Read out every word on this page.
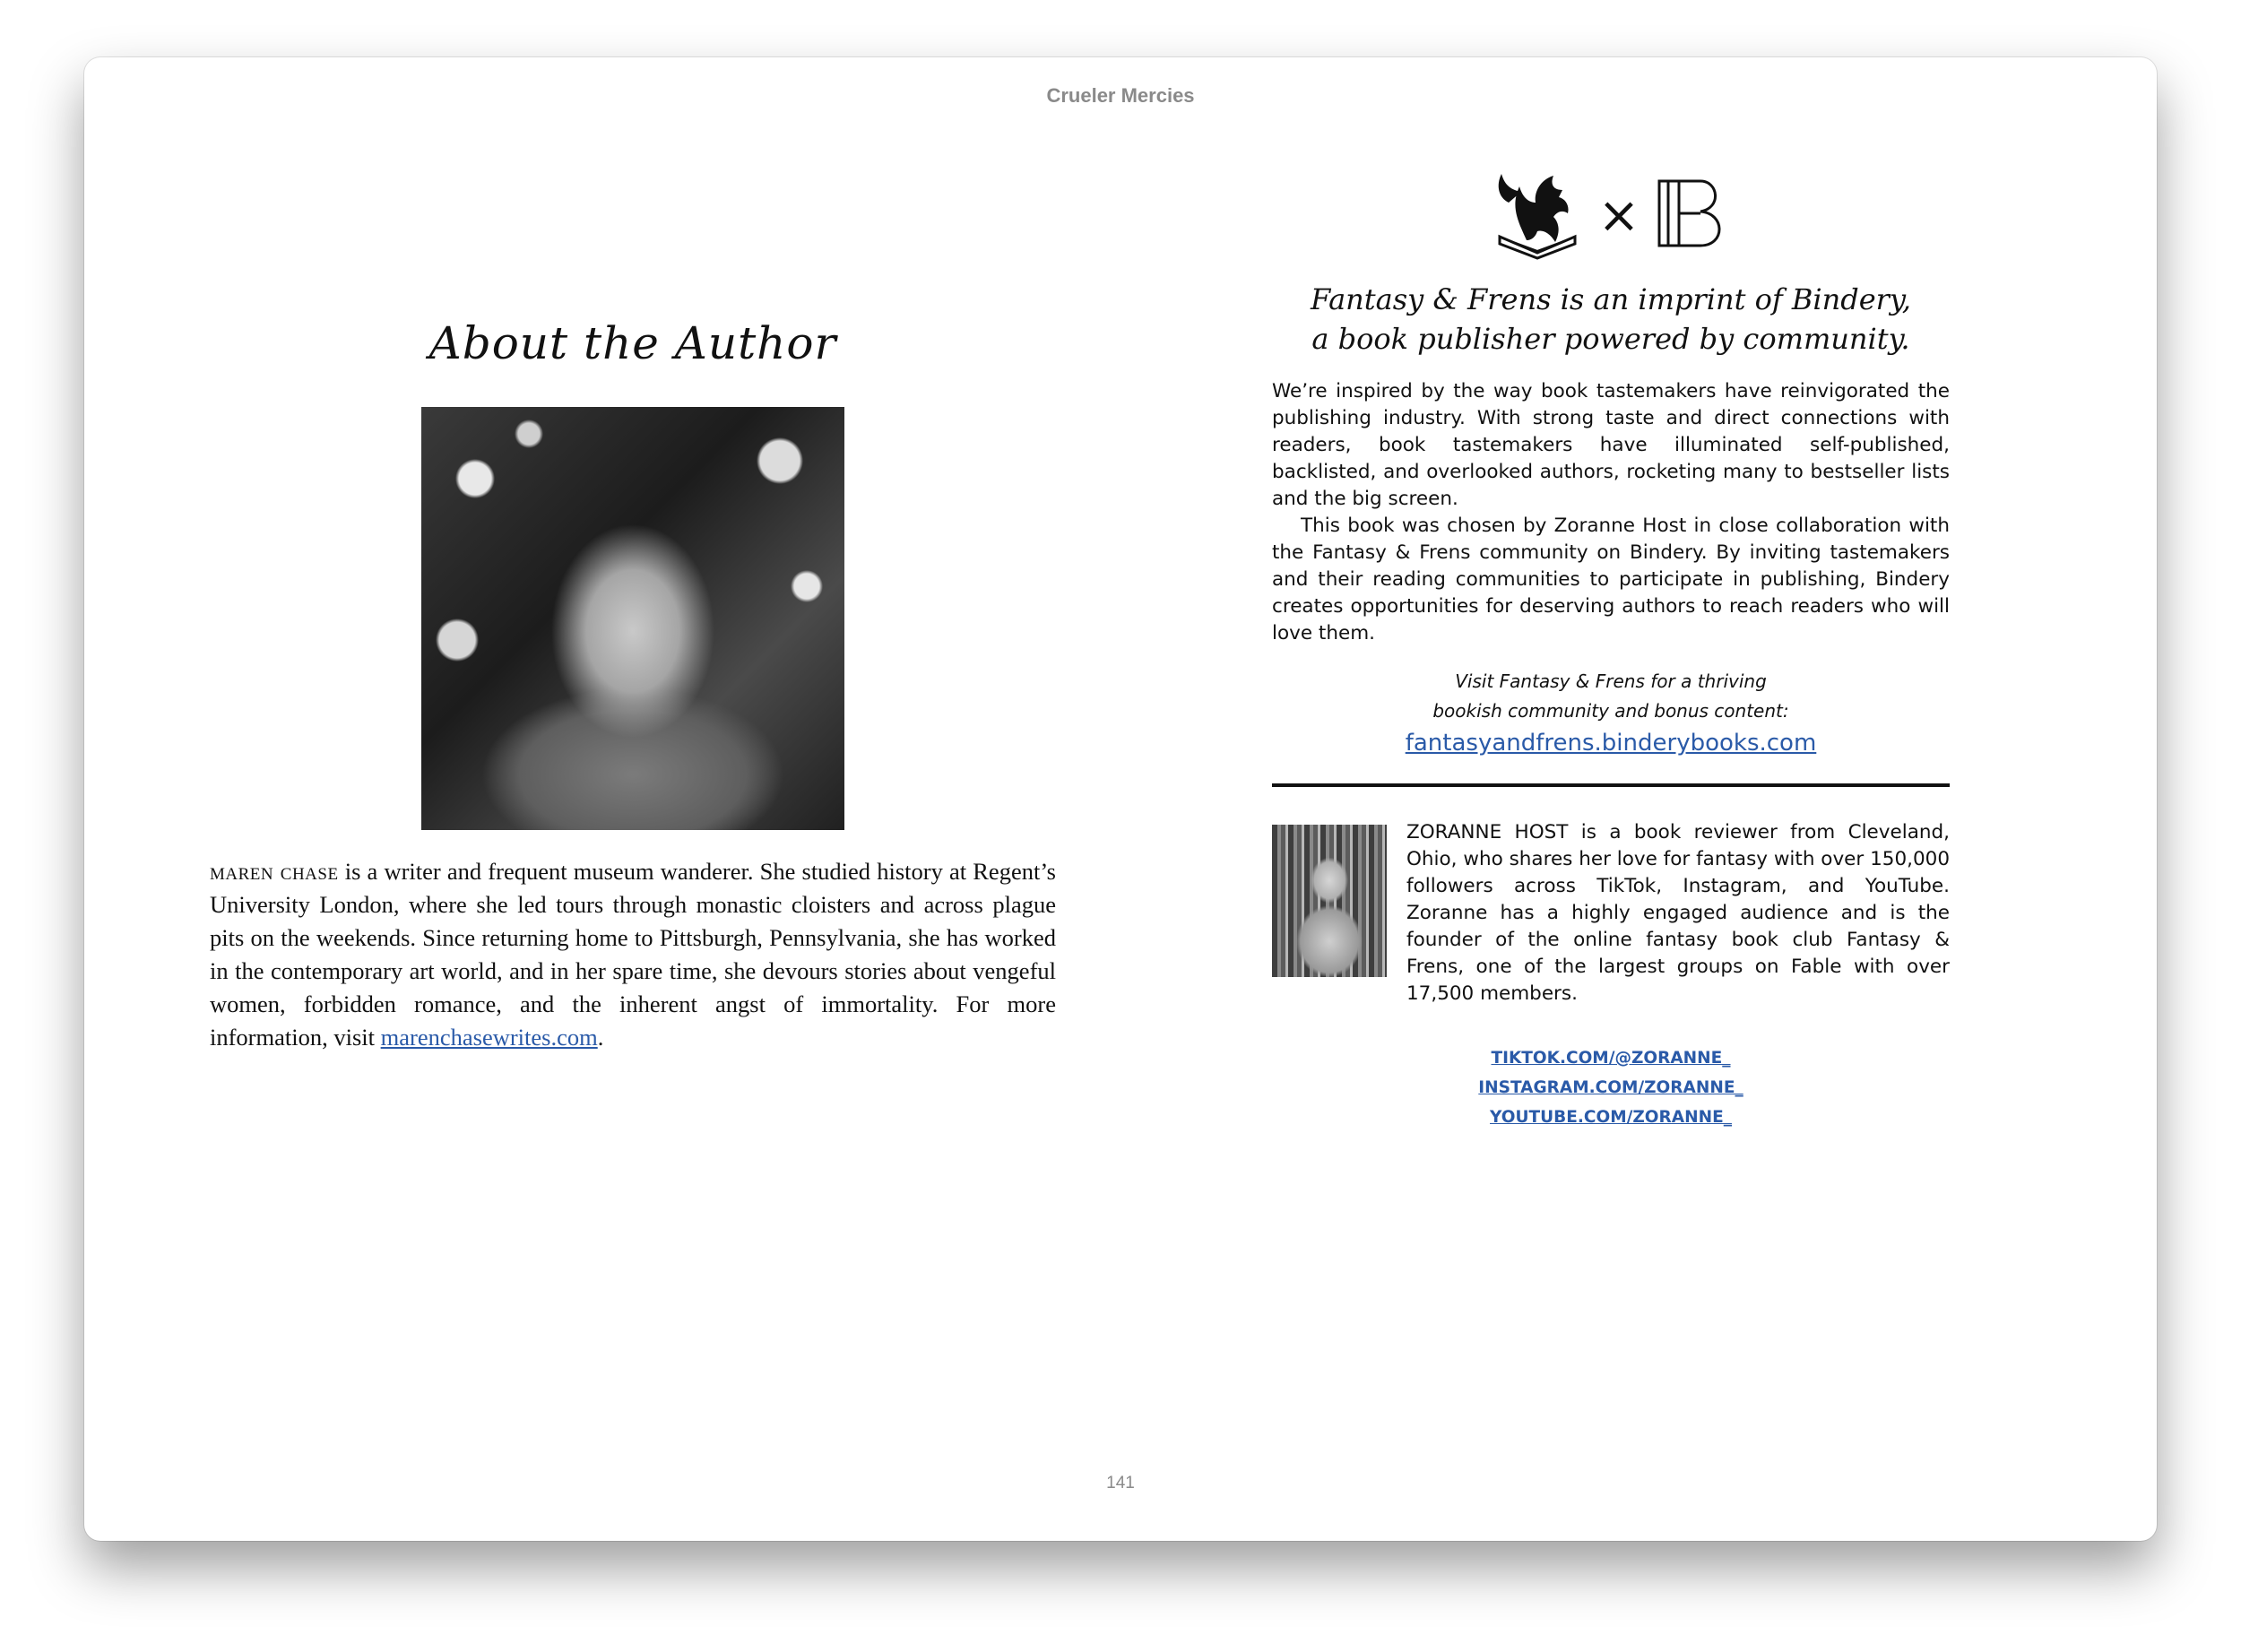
Crueler Mercies
About the Author
maren chase is a writer and frequent museum wanderer. She studied history at Regent’s University London, where she led tours through monastic cloisters and across plague pits on the weekends. Since returning home to Pittsburgh, Pennsylvania, she has worked in the contemporary art world, and in her spare time, she devours stories about vengeful women, forbidden romance, and the inherent angst of immortality. For more information, visit marenchasewrites.com.
×
Fantasy & Frens is an imprint of Bindery,
a book publisher powered by community.

We’re inspired by the way book tastemakers have reinvigorated the publishing industry. With strong taste and direct connections with readers, book tastemakers have illuminated self-published, backlisted, and overlooked authors, rocketing many to bestseller lists and the big screen.

This book was chosen by Zoranne Host in close collaboration with the Fantasy & Frens community on Bindery. By inviting tastemakers and their reading communities to participate in publishing, Bindery creates opportunities for deserving authors to reach readers who will love them.

Visit Fantasy & Frens for a thriving
bookish community and bonus content:
fantasyandfrens.binderybooks.com
ZORANNE HOST is a book reviewer from Cleveland, Ohio, who shares her love for fantasy with over 150,000 followers across TikTok, Instagram, and YouTube. Zoranne has a highly engaged audience and is the founder of the online fantasy book club Fantasy & Frens, one of the largest groups on Fable with over 17,500 members.
TIKTOK.COM/@ZORANNE_
INSTAGRAM.COM/ZORANNE_
YOUTUBE.COM/ZORANNE_
141
